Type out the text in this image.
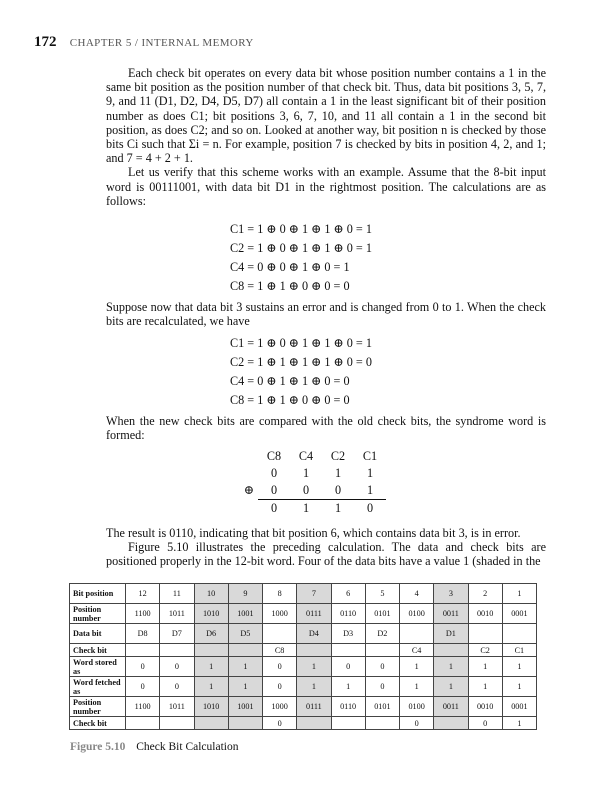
172 CHAPTER 5 / INTERNAL MEMORY

Each check bit operates on every data bit whose position number contains a 1 in the same bit position as the position number of that check bit. Thus, data bit positions 3, 5, 7, 9, and 11 (D1, D2, D4, D5, D7) all contain a 1 in the least significant bit of their position number as does C1; bit positions 3, 6, 7, 10, and 11 all contain a 1 in the second bit position, as does C2; and so on. Looked at another way, bit position n is checked by those bits Ci such that Σi = n. For example, position 7 is checked by bits in position 4, 2, and 1; and 7 = 4 + 2 + 1.

Let us verify that this scheme works with an example. Assume that the 8-bit input word is 00111001, with data bit D1 in the rightmost position. The calculations are as follows:

C1 = 1 ⊕ 0 ⊕ 1 ⊕ 1 ⊕ 0 = 1
C2 = 1 ⊕ 0 ⊕ 1 ⊕ 1 ⊕ 0 = 1
C4 = 0 ⊕ 0 ⊕ 1 ⊕ 0 = 1
C8 = 1 ⊕ 1 ⊕ 0 ⊕ 0 = 0

Suppose now that data bit 3 sustains an error and is changed from 0 to 1. When the check bits are recalculated, we have

C1 = 1 ⊕ 0 ⊕ 1 ⊕ 1 ⊕ 0 = 1
C2 = 1 ⊕ 1 ⊕ 1 ⊕ 1 ⊕ 0 = 0
C4 = 0 ⊕ 1 ⊕ 1 ⊕ 0 = 0
C8 = 1 ⊕ 1 ⊕ 0 ⊕ 0 = 0

When the new check bits are compared with the old check bits, the syndrome word is formed:

	C8	C4	C2	C1
	0	1	1	1
⊕	0	0	0	1
	0	1	1	0

The result is 0110, indicating that bit position 6, which contains data bit 3, is in error.

Figure 5.10 illustrates the preceding calculation. The data and check bits are positioned properly in the 12-bit word. Four of the data bits have a value 1 (shaded in the

Bit position	12	11	10	9	8	7	6	5	4	3	2	1
Position number	1100	1011	1010	1001	1000	0111	0110	0101	0100	0011	0010	0001
Data bit	D8	D7	D6	D5		D4	D3	D2		D1		
Check bit					C8				C4		C2	C1
Word stored as	0	0	1	1	0	1	0	0	1	1	1	1
Word fetched as	0	0	1	1	0	1	1	0	1	1	1	1
Position number	1100	1011	1010	1001	1000	0111	0110	0101	0100	0011	0010	0001
Check bit					0				0		0	1
Figure 5.10 Check Bit Calculation
